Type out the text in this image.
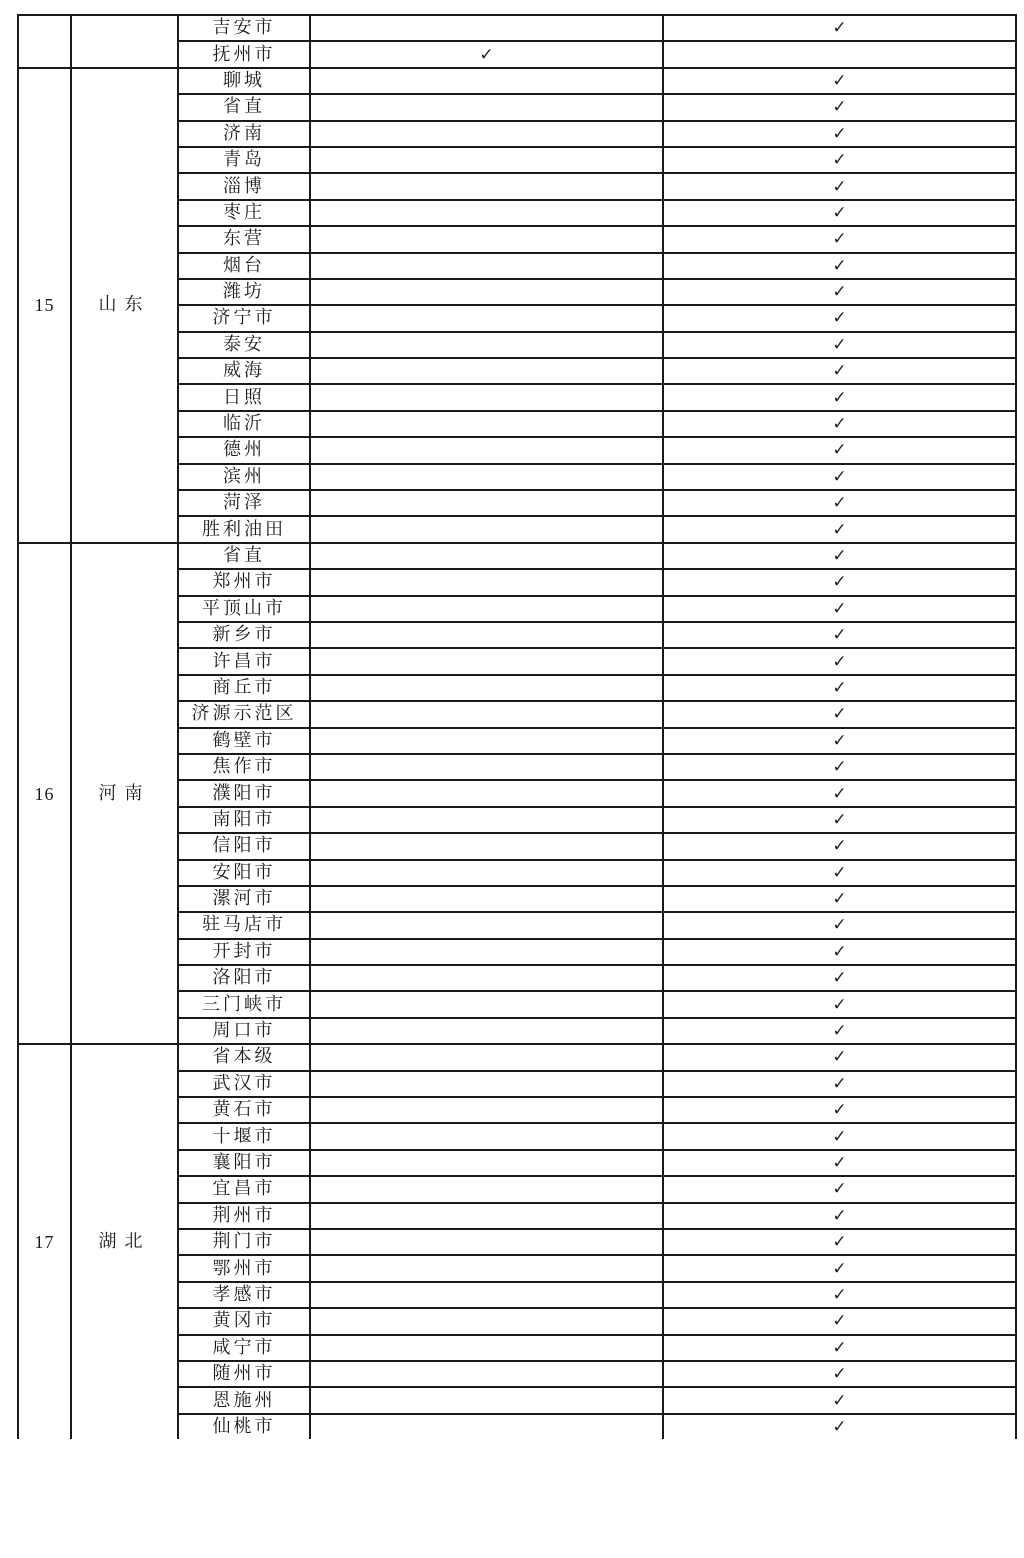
		吉安市		✓
		抚州市	✓	
15	山东	聊城		✓
		省直		✓
		济南		✓
		青岛		✓
		淄博		✓
		枣庄		✓
		东营		✓
		烟台		✓
		潍坊		✓
		济宁市		✓
		泰安		✓
		威海		✓
		日照		✓
		临沂		✓
		德州		✓
		滨州		✓
		菏泽		✓
		胜利油田		✓
16	河南	省直		✓
		郑州市		✓
		平顶山市		✓
		新乡市		✓
		许昌市		✓
		商丘市		✓
		济源示范区		✓
		鹤壁市		✓
		焦作市		✓
		濮阳市		✓
		南阳市		✓
		信阳市		✓
		安阳市		✓
		漯河市		✓
		驻马店市		✓
		开封市		✓
		洛阳市		✓
		三门峡市		✓
		周口市		✓
17	湖北	省本级		✓
		武汉市		✓
		黄石市		✓
		十堰市		✓
		襄阳市		✓
		宜昌市		✓
		荆州市		✓
		荆门市		✓
		鄂州市		✓
		孝感市		✓
		黄冈市		✓
		咸宁市		✓
		随州市		✓
		恩施州		✓
		仙桃市		✓
